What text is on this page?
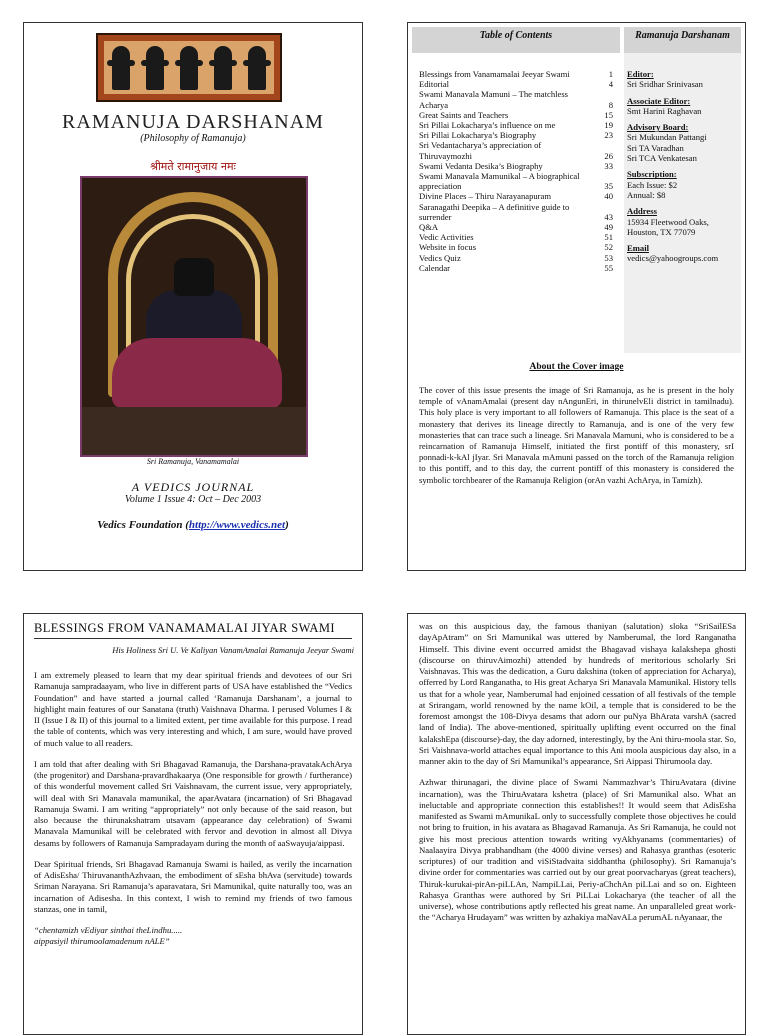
RAMANUJA DARSHANAM
(Philosophy of Ramanuja)
श्रीमते रामानुजाय नमः
Sri Ramanuja, Vanamamalai
A VEDICS JOURNAL
Volume 1 Issue 4: Oct – Dec 2003
Vedics Foundation (http://www.vedics.net)
Table of Contents	Ramanuja Darshanam
Blessings from Vanamamalai Jeeyar Swami	1
Editorial	4
Swami Manavala Mamuni – The matchless Acharya	8
Great Saints and Teachers	15
Sri Pillai Lokacharya’s influence on me	19
Sri Pillai Lokacharya’s Biography	23
Sri Vedantacharya’s appreciation of Thiruvaymozhi	26
Swami Vedanta Desika’s Biography	33
Swami Manavala Mamunikal – A biographical appreciation	35
Divine Places – Thiru Narayanapuram	40
Saranagathi Deepika – A definitive guide to surrender	43
Q&A	49
Vedic Activities	51
Website in focus	52
Vedics Quiz	53
Calendar	55
Editor:
Sri Sridhar Srinivasan
Associate Editor:
Smt Harini Raghavan
Advisory Board:
Sri Mukundan Pattangi
Sri TA Varadhan
Sri TCA Venkatesan
Subscription:
Each Issue: $2
Annual: $8
Address
15934 Fleetwood Oaks,
Houston, TX 77079
Email
vedics@yahoogroups.com
About the Cover image
The cover of this issue presents the image of Sri Ramanuja, as he is present in the holy temple of vAnamAmalai (present day nAngunEri, in thirunelvEli district in tamilnadu). This holy place is very important to all followers of Ramanuja. This place is the seat of a monastery that derives its lineage directly to Ramanuja, and is one of the very few monasteries that can trace such a lineage. Sri Manavala Mamuni, who is considered to be a reincarnation of Ramanuja Himself, initiated the first pontiff of this monastery, srI ponnadi-k-kAl jIyar. Sri Manavala mAmuni passed on the torch of the Ramanuja religion to this pontiff, and to this day, the current pontiff of this monastery is considered the symbolic torchbearer of the Ramanuja Religion (orAn vazhi AchArya, in Tamizh).
BLESSINGS FROM VANAMAMALAI JIYAR SWAMI
His Holiness Sri U. Ve Kaliyan VanamAmalai Ramanuja Jeeyar Swami

I am extremely pleased to learn that my dear spiritual friends and devotees of our Sri Ramanuja sampradaayam, who live in different parts of USA have established the “Vedics Foundation” and have started a journal called ‘Ramanuja Darshanam’, a journal to highlight main features of our Sanatana (truth) Vaishnava Dharma. I perused Volumes I & II (Issue I & II) of this journal to a limited extent, per time available for this purpose. I read the table of contents, which was very interesting and which, I am sure, would have proved of much value to all readers.

I am told that after dealing with Sri Bhagavad Ramanuja, the Darshana-pravatakAchArya (the progenitor) and Darshana-pravardhakaarya (One responsible for growth / furtherance) of this wonderful movement called Sri Vaishnavam, the current issue, very appropriately, will deal with Sri Manavala mamunikal, the aparAvatara (incarnation) of Sri Bhagavad Ramanuja Swami. I am writing “appropriately” not only because of the said reason, but also because the thirunakshatram utsavam (appearance day celebration) of Swami Manavala Mamunikal will be celebrated with fervor and devotion in almost all Divya desams by followers of Ramanuja Sampradayam during the month of aaSwayuja/aippasi.

Dear Spiritual friends, Sri Bhagavad Ramanuja Swami is hailed, as verily the incarnation of AdisEsha/ ThiruvananthAzhvaan, the embodiment of sEsha bhAva (servitude) towards Sriman Narayana. Sri Ramanuja’s aparavatara, Sri Mamunikal, quite naturally too, was an incarnation of Adisesha. In this context, I wish to remind my friends of two famous stanzas, one in tamil,

“chentamizh vEdiyar sinthai theLindhu.....
aippasiyil thirumoolamadenum nALE”

was on this auspicious day, the famous thaniyan (salutation) sloka “SriSailESa dayApAtram” on Sri Mamunikal was uttered by Namberumal, the lord Ranganatha Himself. This divine event occurred amidst the Bhagavad vishaya kalakshepa ghosti (discourse on thiruvAimozhi) attended by hundreds of meritorious scholarly Sri Vaishnavas. This was the dedication, a Guru dakshina (token of appreciation for Acharya), offerred by Lord Ranganatha, to His great Acharya Sri Manavala Mamunikal. History tells us that for a whole year, Namberumal had enjoined cessation of all festivals of the temple at Srirangam, world renowned by the name kOil, a temple that is considered to be the foremost amongst the 108-Divya desams that adorn our puNya BhArata varshA (sacred land of India). The above-mentioned, spiritually uplifting event occurred on the final kalakshEpa (discourse)-day, the day adorned, interestingly, by the Ani thiru-moola star. So, Sri Vaishnava-world attaches equal importance to this Ani moola auspicious day also, in a manner akin to the day of Sri Mamunikal’s appearance, Sri Aippasi Thirumoola day.

Azhwar thirunagari, the divine place of Swami Nammazhvar’s ThiruAvatara (divine incarnation), was the ThiruAvatara kshetra (place) of Sri Mamunikal also. What an ineluctable and appropriate connection this establishes!! It would seem that AdisEsha manifested as Swami mAmunikaL only to successfully complete those objectives he could not bring to fruition, in his avatara as Bhagavad Ramanuja. As Sri Ramanuja, he could not give his most precious attention towards writing vyAkhyanams (commentaries) of Naalaayira Divya prabhandham (the 4000 divine verses) and Rahasya granthas (esoteric scriptures) of our tradition and viSiStadvaita siddhantha (philosophy). Sri Ramanuja’s divine order for commentaries was carried out by our great poorvacharyas (great teachers), Thiruk-kurukai-pirAn-piLLAn, NampiLLai, Periy-aChchAn piLLai and so on. Eighteen Rahasya Granthas were authored by Sri PiLLai Lokacharya (the teacher of all the universe), whose contributions aptly reflected his great name. An unparalleled great work- the “Acharya Hrudayam” was written by azhakiya maNavALa perumAL nAyanaar, the
